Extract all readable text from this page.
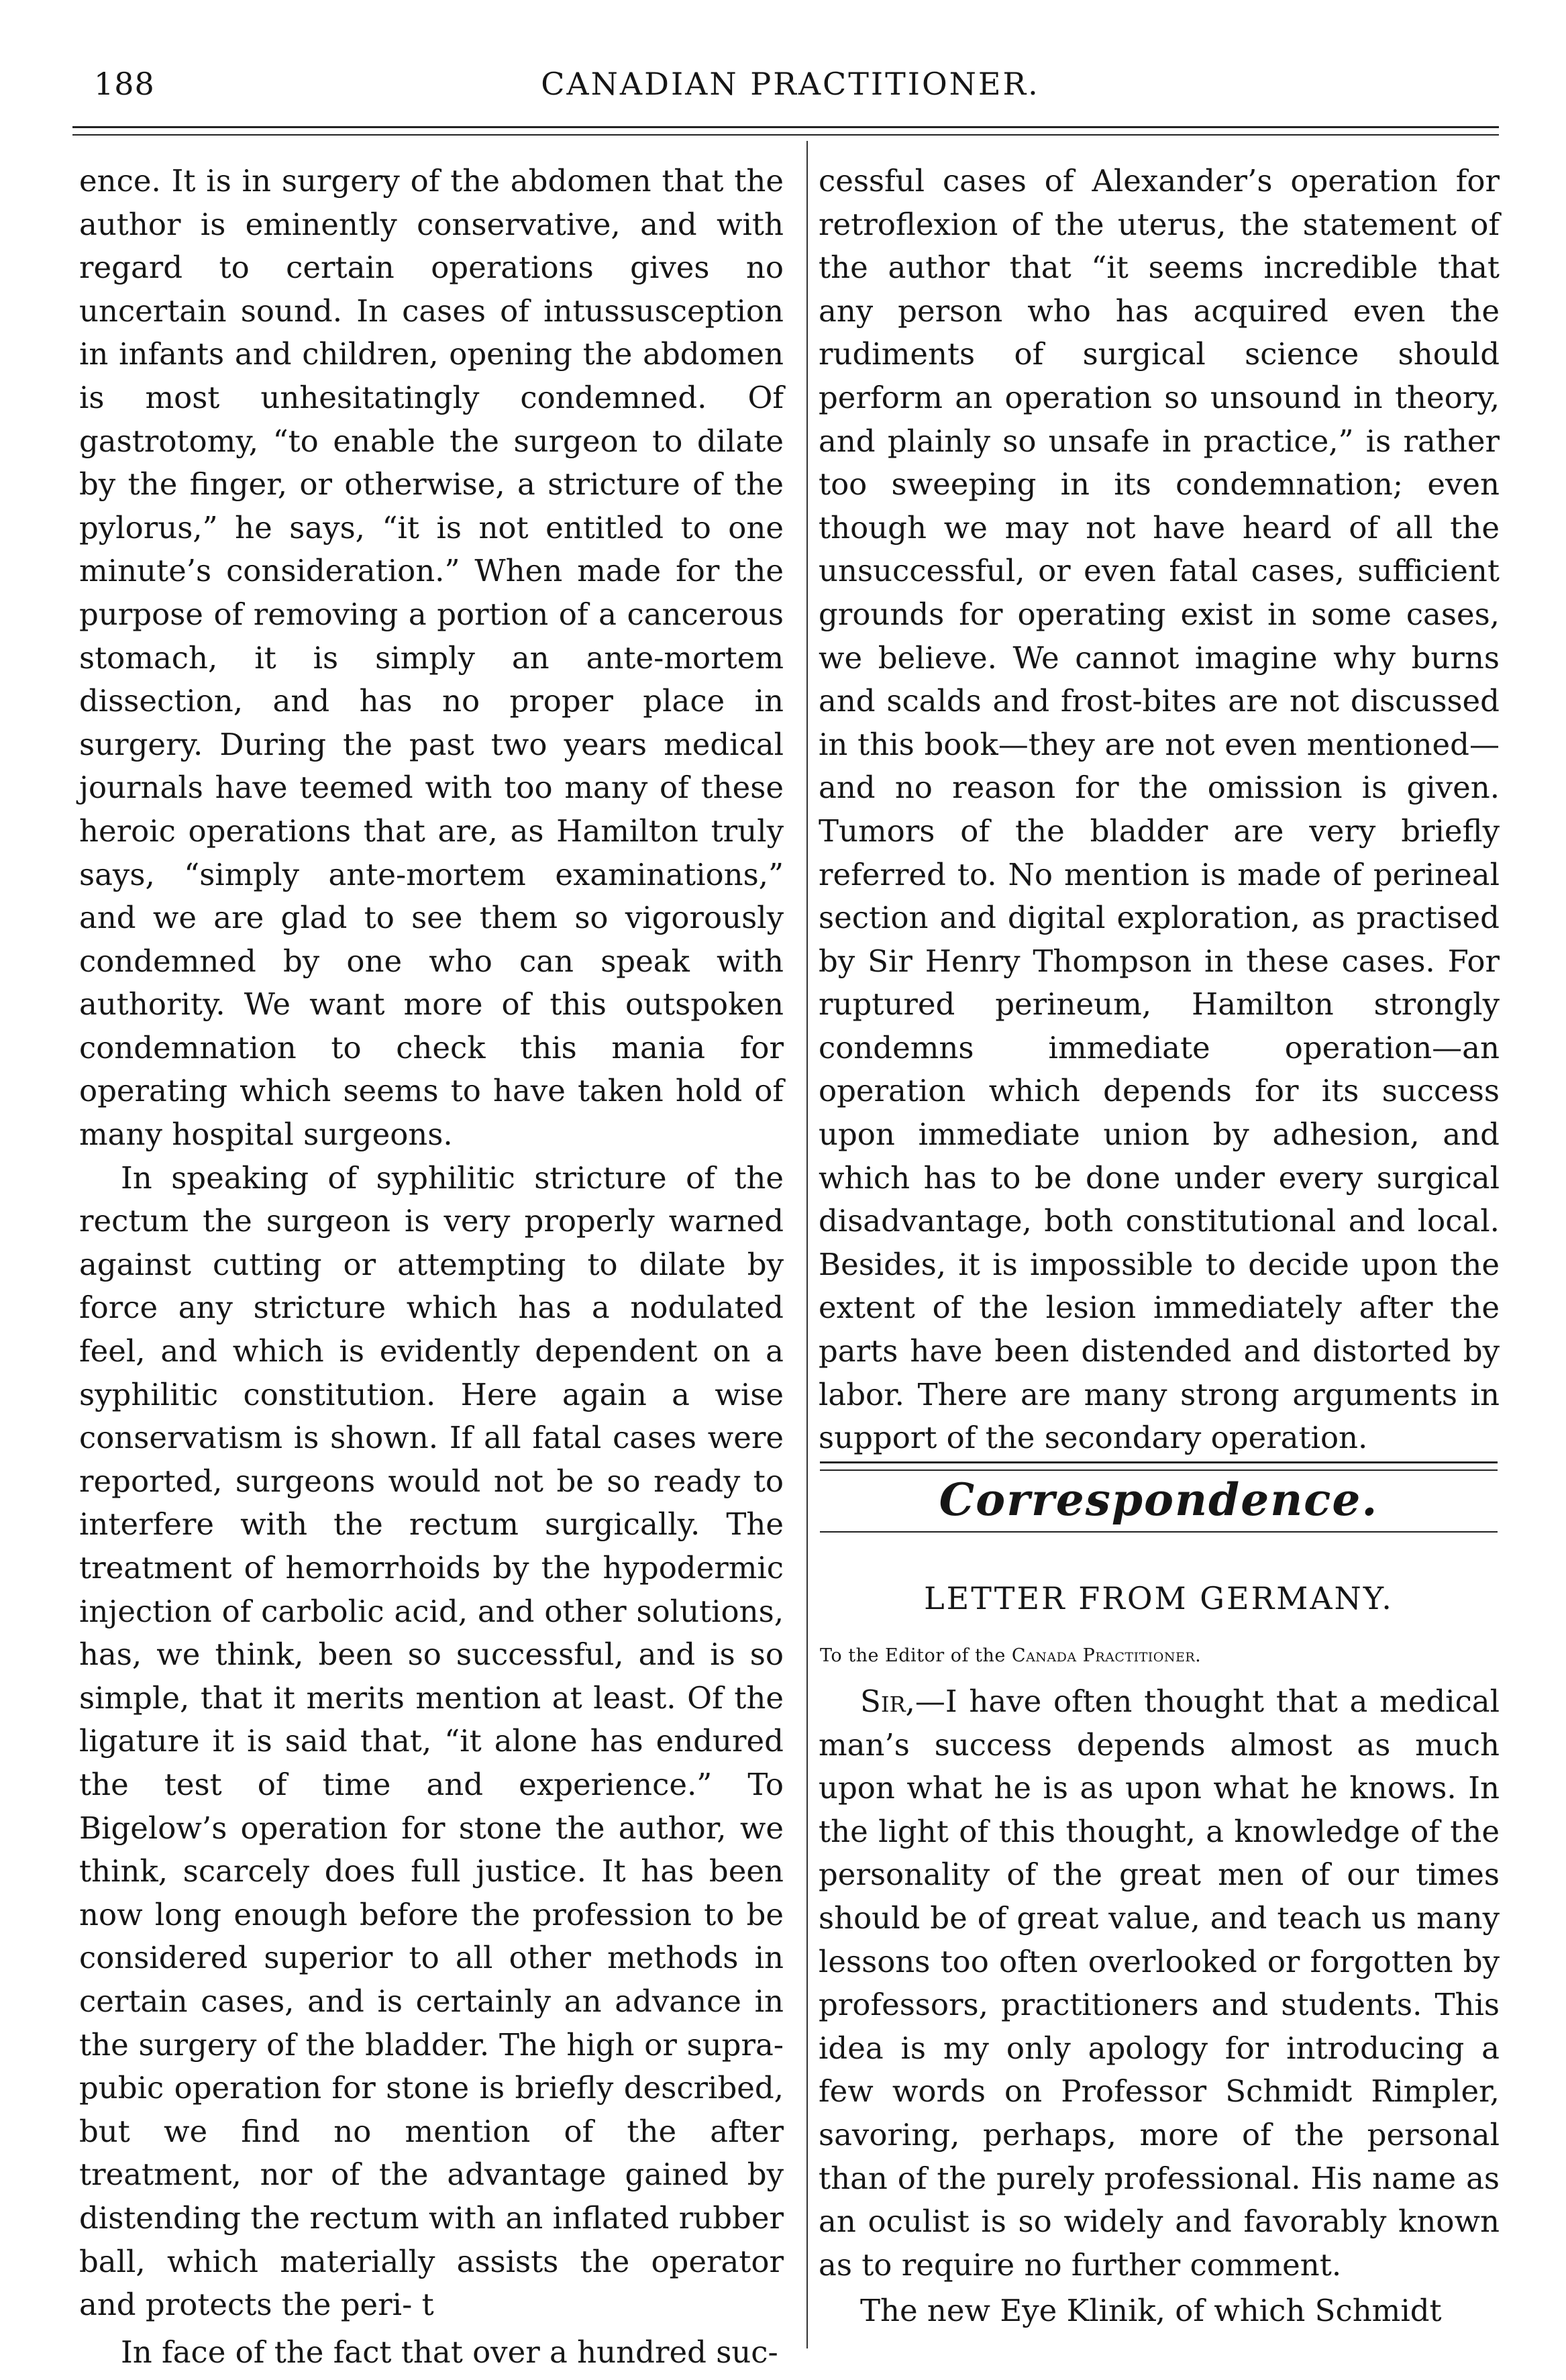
188	CANADIAN PRACTITIONER.

ence. It is in surgery of the abdomen that the author is eminently conservative, and with regard to certain operations gives no uncertain sound. In cases of intussusception in infants and children, opening the abdomen is most unhesitatingly condemned. Of gastrotomy, “to enable the surgeon to dilate by the finger, or otherwise, a stricture of the pylorus,” he says, “it is not entitled to one minute’s consideration.” When made for the purpose of removing a portion of a cancerous stomach, it is simply an ante-mortem dissection, and has no proper place in surgery. During the past two years medical journals have teemed with too many of these heroic operations that are, as Hamilton truly says, “simply ante-mortem examinations,” and we are glad to see them so vigorously condemned by one who can speak with authority. We want more of this outspoken condemnation to check this mania for operating which seems to have taken hold of many hospital surgeons.

In speaking of syphilitic stricture of the rectum the surgeon is very properly warned against cutting or attempting to dilate by force any stricture which has a nodulated feel, and which is evidently dependent on a syphilitic constitution. Here again a wise conservatism is shown. If all fatal cases were reported, surgeons would not be so ready to interfere with the rectum surgically. The treatment of hemorrhoids by the hypodermic injection of carbolic acid, and other solutions, has, we think, been so successful, and is so simple, that it merits mention at least. Of the ligature it is said that, “it alone has endured the test of time and experience.” To Bigelow’s operation for stone the author, we think, scarcely does full justice. It has been now long enough before the profession to be considered superior to all other methods in certain cases, and is certainly an advance in the surgery of the bladder. The high or supra-pubic operation for stone is briefly described, but we find no mention of the after treatment, nor of the advantage gained by distending the rectum with an inflated rubber ball, which materially assists the operator and protects the peri- t

In face of the fact that over a hundred suc-

cessful cases of Alexander’s operation for retroflexion of the uterus, the statement of the author that “it seems incredible that any person who has acquired even the rudiments of surgical science should perform an operation so unsound in theory, and plainly so unsafe in practice,” is rather too sweeping in its condemnation; even though we may not have heard of all the unsuccessful, or even fatal cases, sufficient grounds for operating exist in some cases, we believe. We cannot imagine why burns and scalds and frost-bites are not discussed in this book—they are not even mentioned—and no reason for the omission is given. Tumors of the bladder are very briefly referred to. No mention is made of perineal section and digital exploration, as practised by Sir Henry Thompson in these cases. For ruptured perineum, Hamilton strongly condemns immediate operation—an operation which depends for its success upon immediate union by adhesion, and which has to be done under every surgical disadvantage, both constitutional and local. Besides, it is impossible to decide upon the extent of the lesion immediately after the parts have been distended and distorted by labor. There are many strong arguments in support of the secondary operation.

Correspondence.
LETTER FROM GERMANY.
To the Editor of the Canada Practitioner.

Sir,—I have often thought that a medical man’s success depends almost as much upon what he is as upon what he knows. In the light of this thought, a knowledge of the personality of the great men of our times should be of great value, and teach us many lessons too often overlooked or forgotten by professors, practitioners and students. This idea is my only apology for introducing a few words on Professor Schmidt Rimpler, savoring, perhaps, more of the personal than of the purely professional. His name as an oculist is so widely and favorably known as to require no further comment.

The new Eye Klinik, of which Schmidt
